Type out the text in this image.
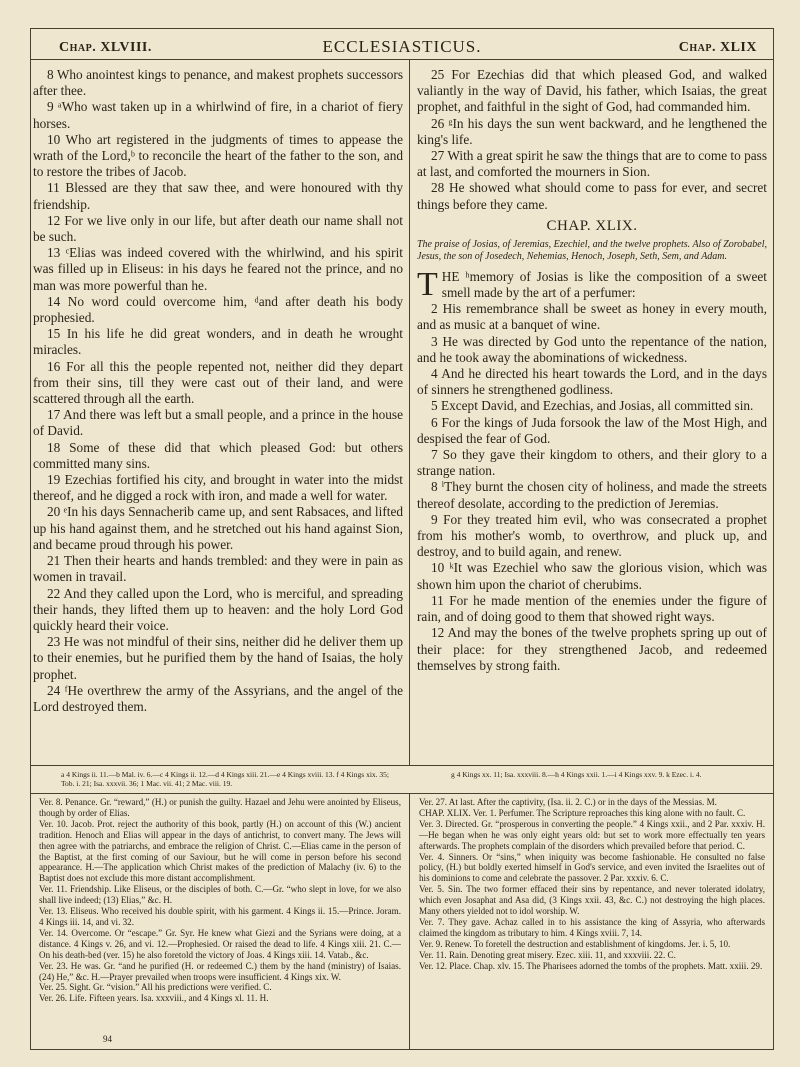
Chap. XLVIII.	ECCLESIASTICUS.	Chap. XLIX

8 Who anointest kings to penance, and makest prophets successors after thee.

9 ᵃWho wast taken up in a whirlwind of fire, in a chariot of fiery horses.

10 Who art registered in the judgments of times to appease the wrath of the Lord,ᵇ to reconcile the heart of the father to the son, and to restore the tribes of Jacob.

11 Blessed are they that saw thee, and were honoured with thy friendship.

12 For we live only in our life, but after death our name shall not be such.

13 ᶜElias was indeed covered with the whirlwind, and his spirit was filled up in Eliseus: in his days he feared not the prince, and no man was more powerful than he.

14 No word could overcome him, ᵈand after death his body prophesied.

15 In his life he did great wonders, and in death he wrought miracles.

16 For all this the people repented not, neither did they depart from their sins, till they were cast out of their land, and were scattered through all the earth.

17 And there was left but a small people, and a prince in the house of David.

18 Some of these did that which pleased God: but others committed many sins.

19 Ezechias fortified his city, and brought in water into the midst thereof, and he digged a rock with iron, and made a well for water.

20 ᵉIn his days Sennacherib came up, and sent Rabsaces, and lifted up his hand against them, and he stretched out his hand against Sion, and became proud through his power.

21 Then their hearts and hands trembled: and they were in pain as women in travail.

22 And they called upon the Lord, who is merciful, and spreading their hands, they lifted them up to heaven: and the holy Lord God quickly heard their voice.

23 He was not mindful of their sins, neither did he deliver them up to their enemies, but he purified them by the hand of Isaias, the holy prophet.

24 ᶠHe overthrew the army of the Assyrians, and the angel of the Lord destroyed them.

25 For Ezechias did that which pleased God, and walked valiantly in the way of David, his father, which Isaias, the great prophet, and faithful in the sight of God, had commanded him.

26 ᵍIn his days the sun went backward, and he lengthened the king's life.

27 With a great spirit he saw the things that are to come to pass at last, and comforted the mourners in Sion.

28 He showed what should come to pass for ever, and secret things before they came.

CHAP. XLIX.

The praise of Josias, of Jeremias, Ezechiel, and the twelve prophets. Also of Zorobabel, Jesus, the son of Josedech, Nehemias, Henoch, Joseph, Seth, Sem, and Adam.

THE ʰmemory of Josias is like the composition of a sweet smell made by the art of a perfumer:

2 His remembrance shall be sweet as honey in every mouth, and as music at a banquet of wine.

3 He was directed by God unto the repentance of the nation, and he took away the abominations of wickedness.

4 And he directed his heart towards the Lord, and in the days of sinners he strengthened godliness.

5 Except David, and Ezechias, and Josias, all committed sin.

6 For the kings of Juda forsook the law of the Most High, and despised the fear of God.

7 So they gave their kingdom to others, and their glory to a strange nation.

8 ⁱThey burnt the chosen city of holiness, and made the streets thereof desolate, according to the prediction of Jeremias.

9 For they treated him evil, who was consecrated a prophet from his mother's womb, to overthrow, and pluck up, and destroy, and to build again, and renew.

10 ᵏIt was Ezechiel who saw the glorious vision, which was shown him upon the chariot of cherubims.

11 For he made mention of the enemies under the figure of rain, and of doing good to them that showed right ways.

12 And may the bones of the twelve prophets spring up out of their place: for they strengthened Jacob, and redeemed themselves by strong faith.

a 4 Kings ii. 11.—b Mal. iv. 6.—c 4 Kings ii. 12.—d 4 Kings xiii. 21.—e 4 Kings xviii. 13. f 4 Kings xix. 35; Tob. i. 21; Isa. xxxvii. 36; 1 Mac. vii. 41; 2 Mac. viii. 19.
g 4 Kings xx. 11; Isa. xxxviii. 8.—h 4 Kings xxii. 1.—i 4 Kings xxv. 9. k Ezec. i. 4.

Ver. 8. Penance. Gr. “reward,” (H.) or punish the guilty. Hazael and Jehu were anointed by Eliseus, though by order of Elias.

Ver. 10. Jacob. Prot. reject the authority of this book, partly (H.) on account of this (W.) ancient tradition. Henoch and Elias will appear in the days of antichrist, to convert many. The Jews will then agree with the patriarchs, and embrace the religion of Christ. C.—Elias came in the person of the Baptist, at the first coming of our Saviour, but he will come in person before his second appearance. H.—The application which Christ makes of the prediction of Malachy (iv. 6) to the Baptist does not exclude this more distant accomplishment.

Ver. 11. Friendship. Like Eliseus, or the disciples of both. C.—Gr. “who slept in love, for we also shall live indeed; (13) Elias,” &c. H.

Ver. 13. Eliseus. Who received his double spirit, with his garment. 4 Kings ii. 15.—Prince. Joram. 4 Kings iii. 14, and vi. 32.

Ver. 14. Overcome. Or “escape.” Gr. Syr. He knew what Giezi and the Syrians were doing, at a distance. 4 Kings v. 26, and vi. 12.—Prophesied. Or raised the dead to life. 4 Kings xiii. 21. C.—On his death-bed (ver. 15) he also foretold the victory of Joas. 4 Kings xiii. 14. Vatab., &c.

Ver. 23. He was. Gr. “and he purified (H. or redeemed C.) them by the hand (ministry) of Isaias. (24) He,” &c. H.—Prayer prevailed when troops were insufficient. 4 Kings xix. W.

Ver. 25. Sight. Gr. “vision.” All his predictions were verified. C.

Ver. 26. Life. Fifteen years. Isa. xxxviii., and 4 Kings xl. 11. H.

Ver. 27. At last. After the captivity, (Isa. ii. 2. C.) or in the days of the Messias. M.

CHAP. XLIX. Ver. 1. Perfumer. The Scripture reproaches this king alone with no fault. C.

Ver. 3. Directed. Gr. “prosperous in converting the people.” 4 Kings xxii., and 2 Par. xxxiv. H.—He began when he was only eight years old: but set to work more effectually ten years afterwards. The prophets complain of the disorders which prevailed before that period. C.

Ver. 4. Sinners. Or “sins,” when iniquity was become fashionable. He consulted no false policy, (H.) but boldly exerted himself in God's service, and even invited the Israelites out of his dominions to come and celebrate the passover. 2 Par. xxxiv. 6. C.

Ver. 5. Sin. The two former effaced their sins by repentance, and never tolerated idolatry, which even Josaphat and Asa did, (3 Kings xxii. 43, &c. C.) not destroying the high places. Many others yielded not to idol worship. W.

Ver. 7. They gave. Achaz called in to his assistance the king of Assyria, who afterwards claimed the kingdom as tributary to him. 4 Kings xviii. 7, 14.

Ver. 9. Renew. To foretell the destruction and establishment of kingdoms. Jer. i. 5, 10.

Ver. 11. Rain. Denoting great misery. Ezec. xiii. 11, and xxxviii. 22. C.

Ver. 12. Place. Chap. xlv. 15. The Pharisees adorned the tombs of the prophets. Matt. xxiii. 29.

94
